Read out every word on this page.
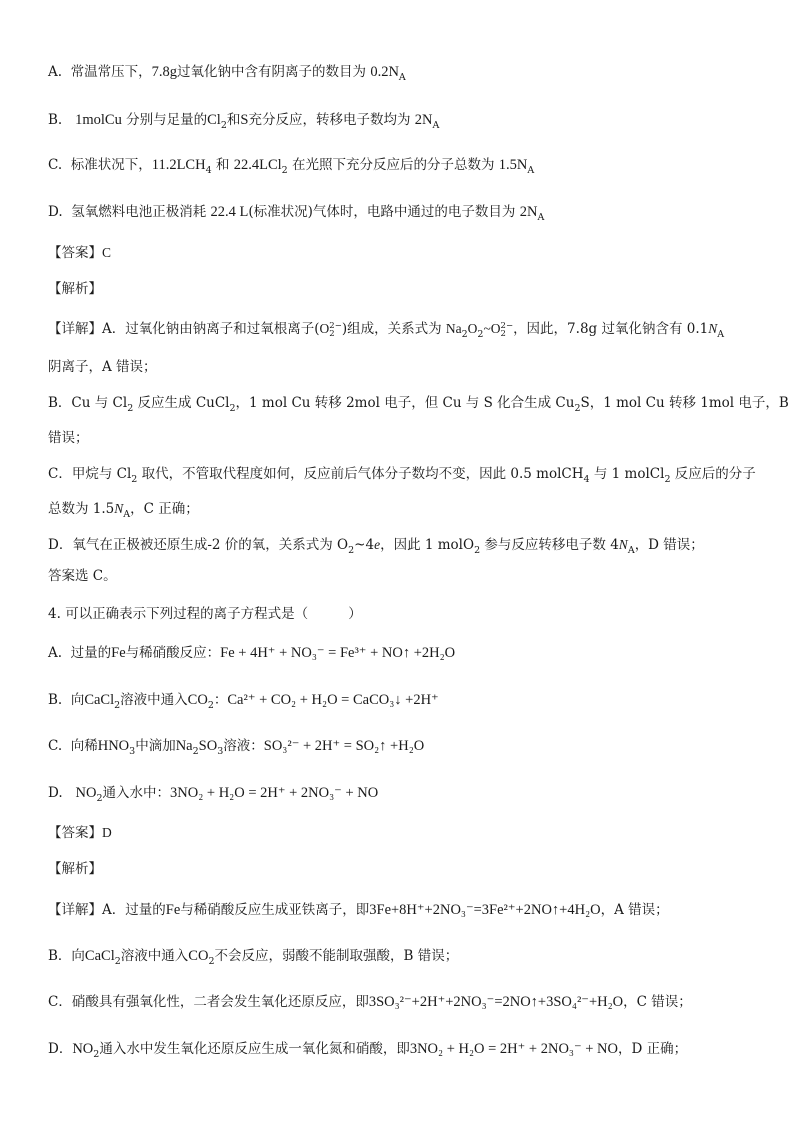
A. 常温常压下，7.8g过氧化钠中含有阴离子的数目为 $0.2N_A$
B. 1molCu 分别与足量的$Cl_2$和S充分反应，转移电子数均为 $2N_A$
C. 标准状况下，$11.2LCH_4$ 和 22.4LCl$_2$ 在光照下充分反应后的分子总数为 $1.5N_A$
D. 氢氧燃料电池正极消耗 22.4 L(标准状况)气体时，电路中通过的电子数目为 $2N_A$
【答案】C
【解析】
【详解】A．过氧化钠由钠离子和过氧根离子(O 2−
2 )组成，关系式为 $Na_2O_2\sim O$ 2−
2 ，因此，7.8g 过氧化钠含有 $0.1N_A$
阴离子，A 错误；
B．Cu 与 $Cl_2$ 反应生成 CuCl$_2$，1 mol Cu 转移 2mol 电子，但 Cu 与 S 化合生成 $Cu_2S$，1 mol Cu 转移 1mol 电子，B
错误；
C．甲烷与 $Cl_2$ 取代，不管取代程度如何，反应前后气体分子数均不变，因此 0.5 molCH$_4$ 与 1 molCl$_2$ 反应后的分子
总数为 $1.5N_A$，C 正确；
D．氧气在正极被还原生成-2 价的氧，关系式为 $O_2\sim 4e$，因此 1 molO$_2$ 参与反应转移电子数 $4N_A$，D 错误；
答案选 C。
4. 可以正确表示下列过程的离子方程式是（	）
A. 过量的Fe与稀硝酸反应：Fe + 4H⁺ + NO₃⁻ = Fe³⁺ + NO↑ +2H₂O
B. 向CaCl$_2$溶液中通入$CO_2$：Ca²⁺ + CO₂ + H₂O = CaCO₃↓ +2H⁺
C. 向稀$HNO_3$中滴加$Na_2SO_3$溶液：SO₃²⁻ + 2H⁺ = SO₂↑ +H₂O
D. $NO_2$通入水中：3NO₂ + H₂O = 2H⁺ + 2NO₃⁻ + NO
【答案】D
【解析】
【详解】A．过量的Fe与稀硝酸反应生成亚铁离子，即3Fe+8H⁺+2NO₃⁻=3Fe²⁺+2NO↑+4H₂O，A 错误；
B．向CaCl$_2$溶液中通入$CO_2$不会反应，弱酸不能制取强酸，B 错误；
C．硝酸具有强氧化性，二者会发生氧化还原反应，即3SO₃²⁻+2H⁺+2NO₃⁻=2NO↑+3SO₄²⁻+H₂O，C 错误；
D．$NO_2$通入水中发生氧化还原反应生成一氧化氮和硝酸，即3NO₂ + H₂O = 2H⁺ + 2NO₃⁻ + NO，D 正确；
